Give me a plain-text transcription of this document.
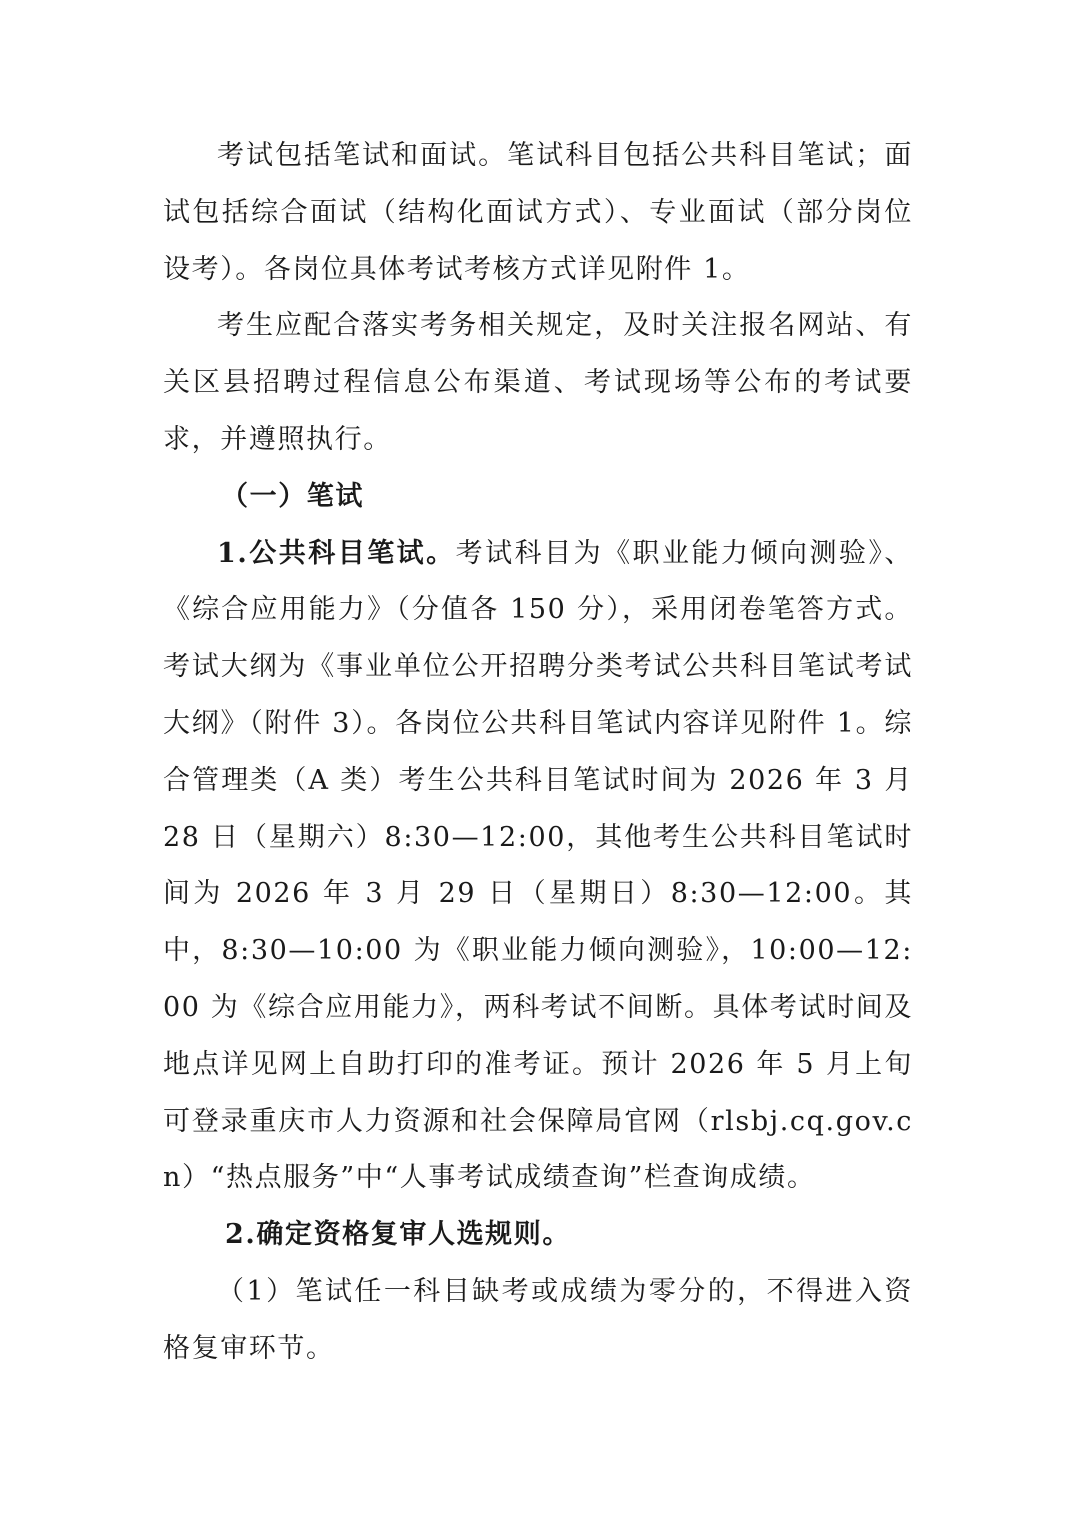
考试包括笔试和面试。笔试科目包括公共科目笔试；面试包括综合面试（结构化面试方式）、专业面试（部分岗位设考）。各岗位具体考试考核方式详见附件 1。

考生应配合落实考务相关规定，及时关注报名网站、有关区县招聘过程信息公布渠道、考试现场等公布的考试要求，并遵照执行。

（一）笔试

1.公共科目笔试。考试科目为《职业能力倾向测验》、《综合应用能力》（分值各 150 分），采用闭卷笔答方式。考试大纲为《事业单位公开招聘分类考试公共科目笔试考试大纲》（附件 3）。各岗位公共科目笔试内容详见附件 1。综合管理类（A 类）考生公共科目笔试时间为 2026 年 3 月 28 日（星期六）8:30—12:00，其他考生公共科目笔试时间为 2026 年 3 月 29 日（星期日）8:30—12:00。其中，8:30—10:00 为《职业能力倾向测验》，10:00—12:00 为《综合应用能力》，两科考试不间断。具体考试时间及地点详见网上自助打印的准考证。预计 2026 年 5 月上旬可登录重庆市人力资源和社会保障局官网（rlsbj.cq.gov.cn）“热点服务”中“人事考试成绩查询”栏查询成绩。

2.确定资格复审人选规则。

（1）笔试任一科目缺考或成绩为零分的，不得进入资格复审环节。
